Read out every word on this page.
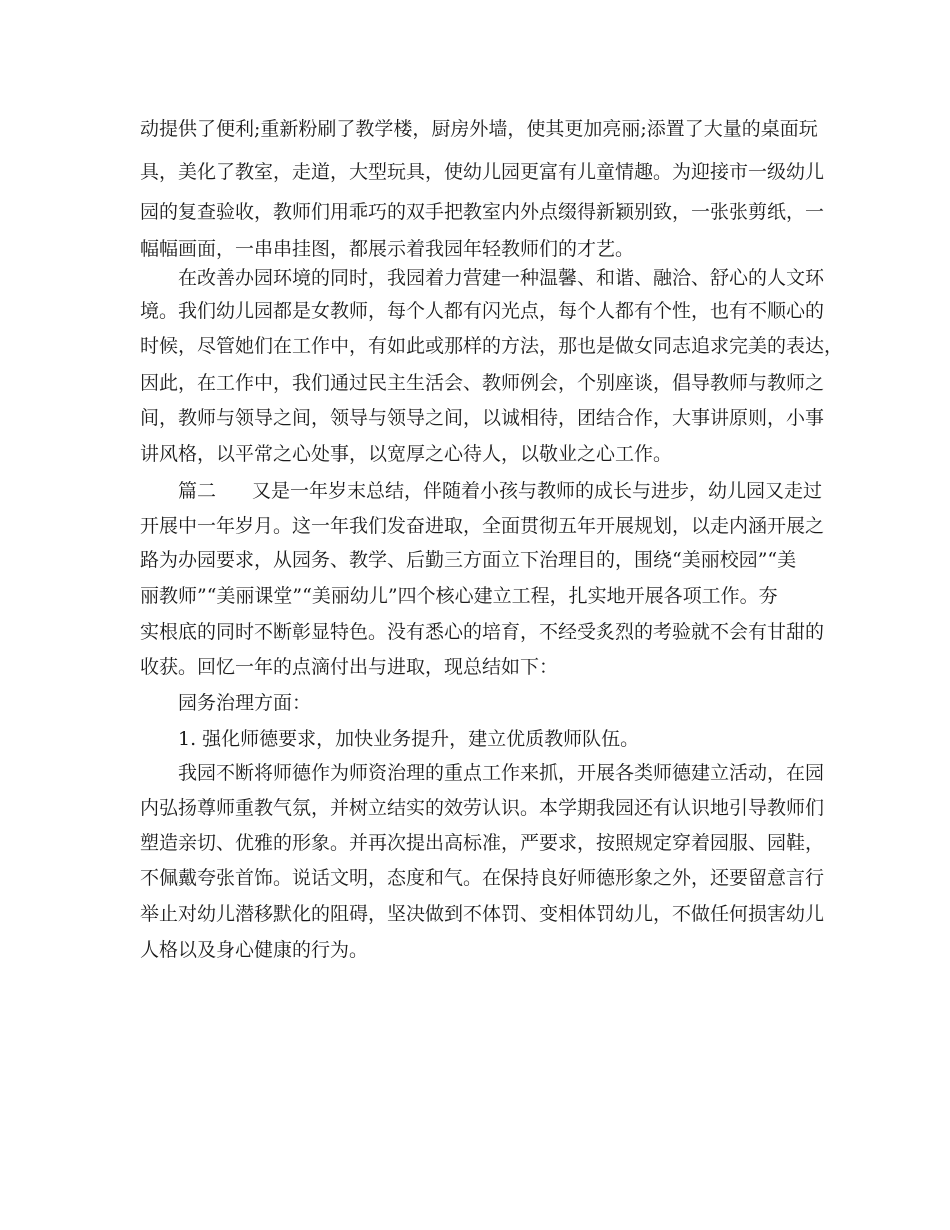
动提供了便利;重新粉刷了教学楼，厨房外墙，使其更加亮丽;添置了大量的桌面玩
具，美化了教室，走道，大型玩具，使幼儿园更富有儿童情趣。为迎接市一级幼儿
园的复查验收，教师们用乖巧的双手把教室内外点缀得新颖别致，一张张剪纸，一
幅幅画面，一串串挂图，都展示着我园年轻教师们的才艺。
在改善办园环境的同时，我园着力营建一种温馨、和谐、融洽、舒心的人文环
境。我们幼儿园都是女教师，每个人都有闪光点，每个人都有个性，也有不顺心的
时候，尽管她们在工作中，有如此或那样的方法，那也是做女同志追求完美的表达，
因此，在工作中，我们通过民主生活会、教师例会，个别座谈，倡导教师与教师之
间，教师与领导之间，领导与领导之间，以诚相待，团结合作，大事讲原则，小事
讲风格，以平常之心处事，以宽厚之心待人，以敬业之心工作。
篇二 又是一年岁末总结，伴随着小孩与教师的成长与进步，幼儿园又走过
开展中一年岁月。这一年我们发奋进取，全面贯彻五年开展规划，以走内涵开展之
路为办园要求，从园务、教学、后勤三方面立下治理目的，围绕“美丽校园”“美
丽教师”“美丽课堂”“美丽幼儿”四个核心建立工程，扎实地开展各项工作。夯
实根底的同时不断彰显特色。没有悉心的培育，不经受炙烈的考验就不会有甘甜的
收获。回忆一年的点滴付出与进取，现总结如下：
园务治理方面：
1. 强化师德要求，加快业务提升，建立优质教师队伍。
我园不断将师德作为师资治理的重点工作来抓，开展各类师德建立活动，在园
内弘扬尊师重教气氛，并树立结实的效劳认识。本学期我园还有认识地引导教师们
塑造亲切、优雅的形象。并再次提出高标准，严要求，按照规定穿着园服、园鞋，
不佩戴夸张首饰。说话文明，态度和气。在保持良好师德形象之外，还要留意言行
举止对幼儿潜移默化的阻碍，坚决做到不体罚、变相体罚幼儿，不做任何损害幼儿
人格以及身心健康的行为。
